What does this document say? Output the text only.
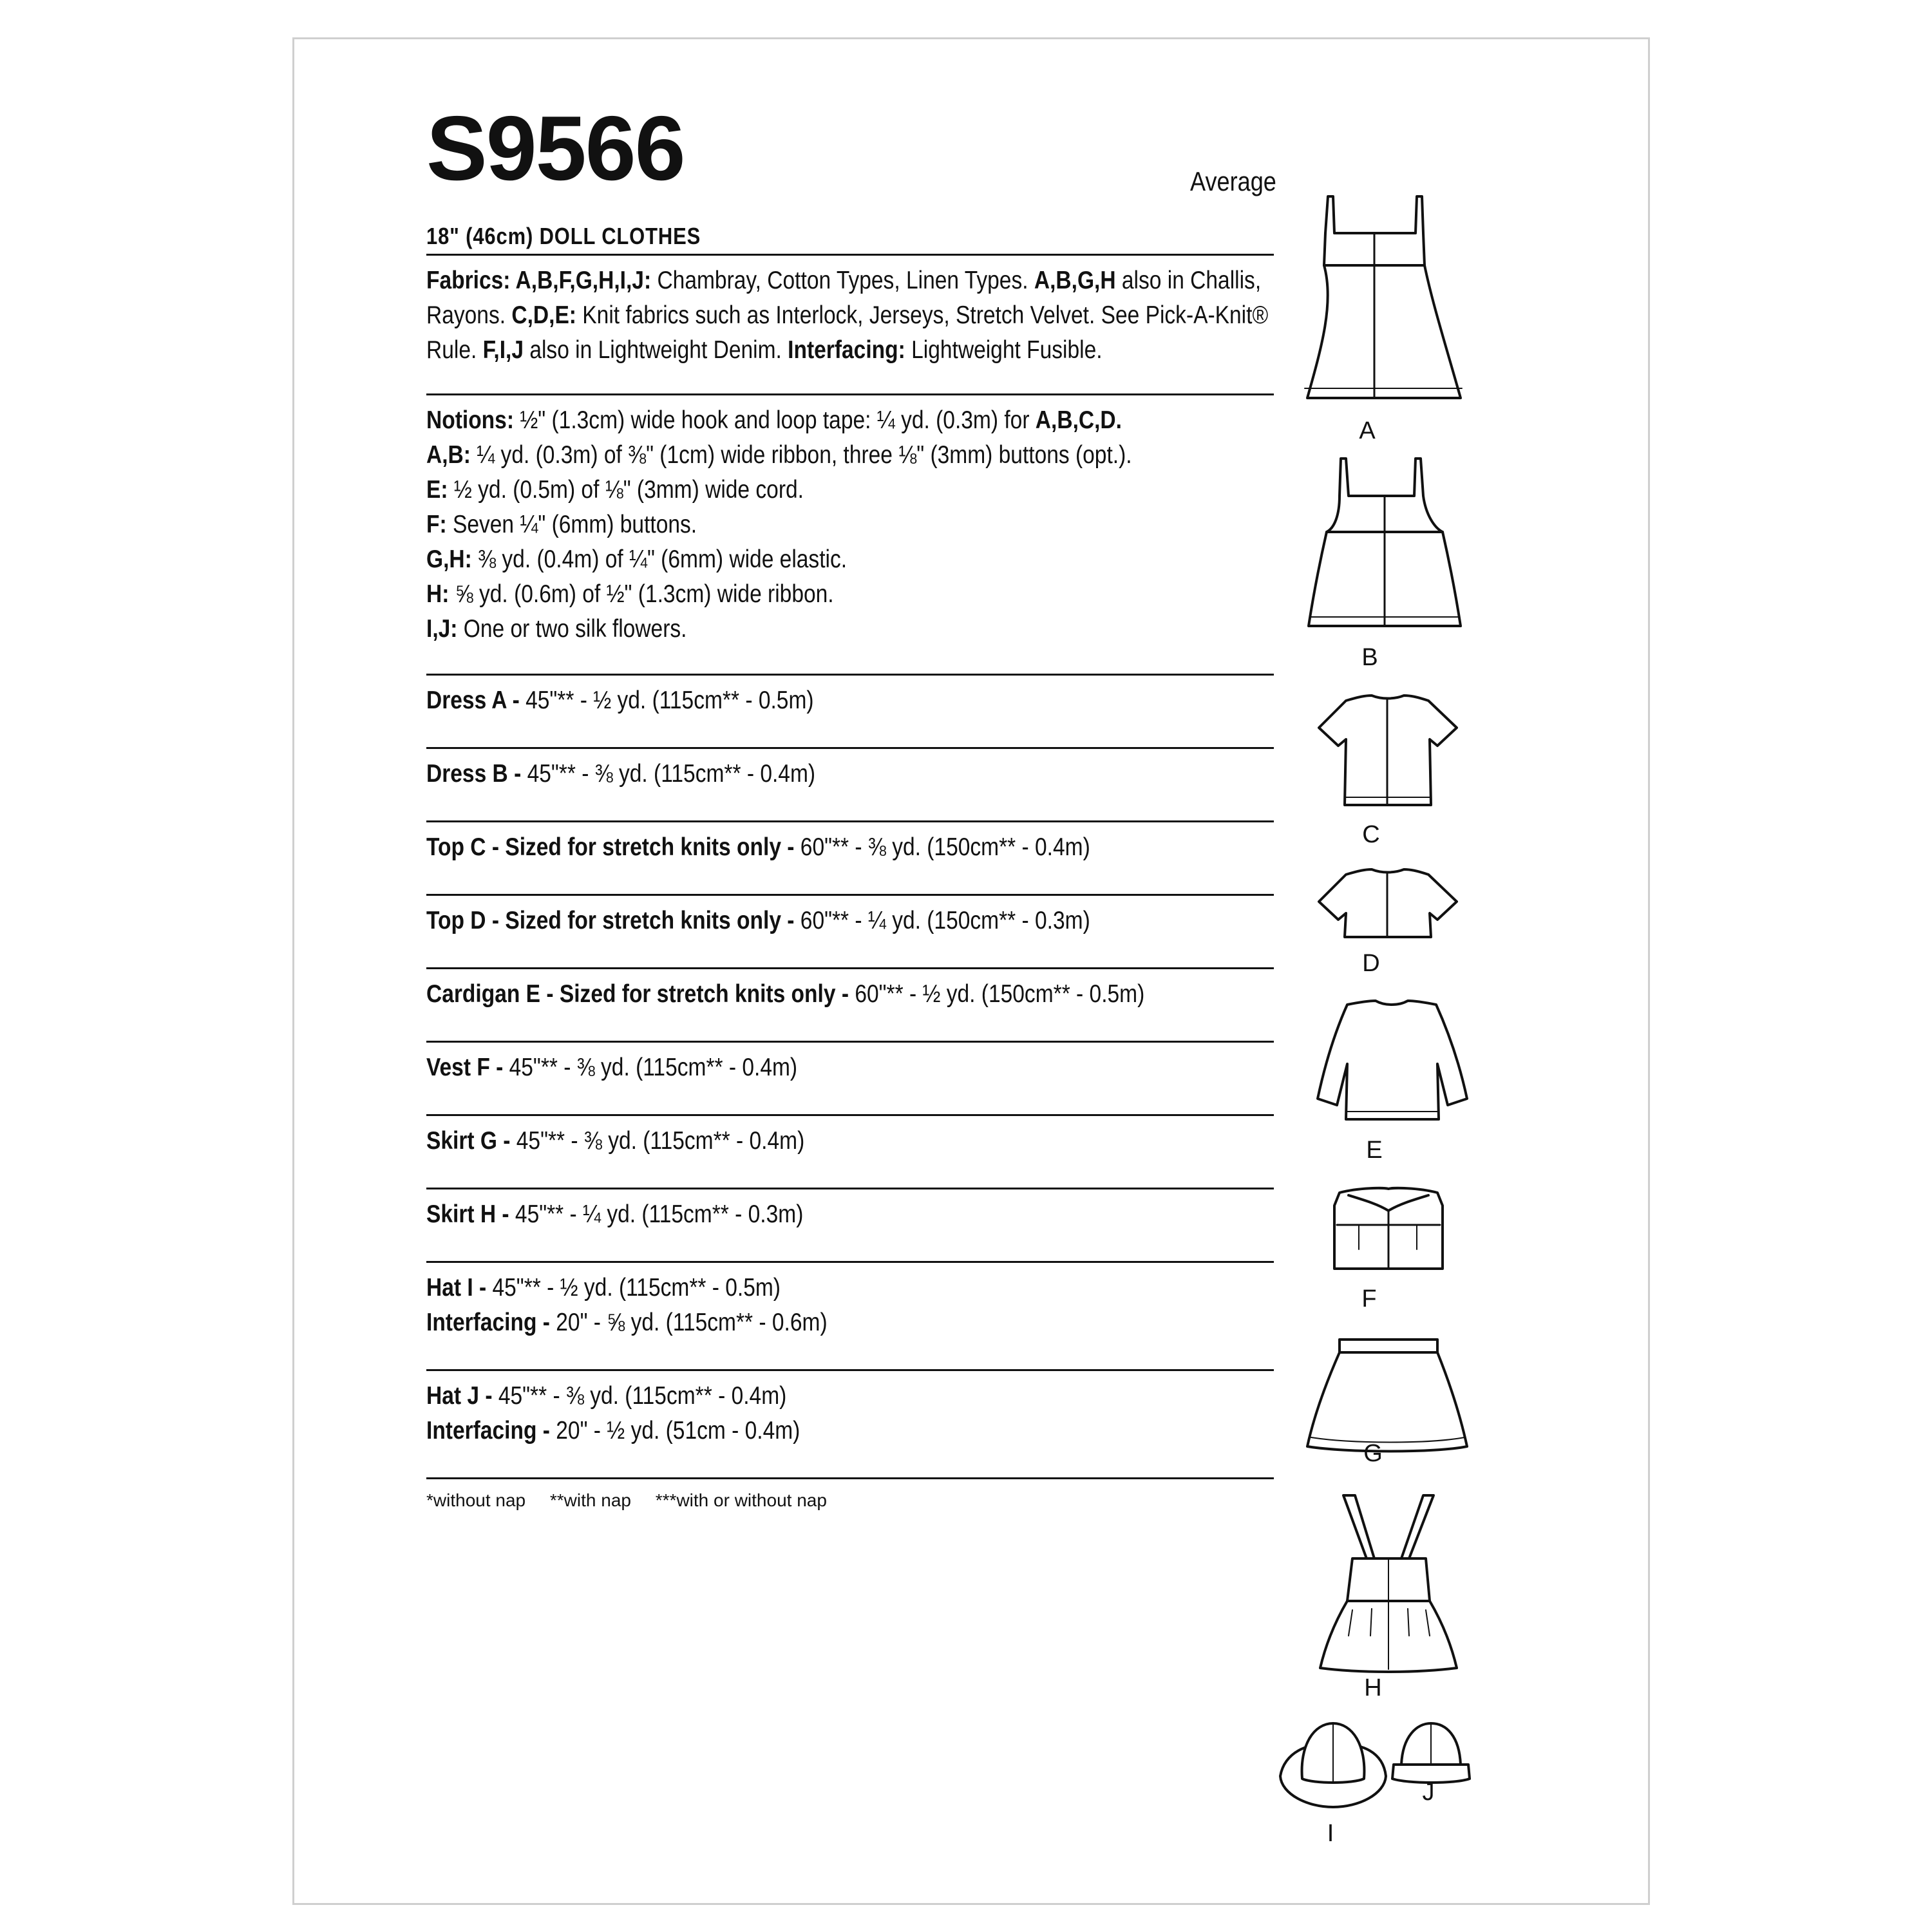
S9566	Average
18" (46cm) DOLL CLOTHES

Fabrics: A,B,F,G,H,I,J: Chambray, Cotton Types, Linen Types. A,B,G,H also in Challis,

Rayons. C,D,E: Knit fabrics such as Interlock, Jerseys, Stretch Velvet. See Pick-A-Knit®

Rule. F,I,J also in Lightweight Denim. Interfacing: Lightweight Fusible.

Notions: ½" (1.3cm) wide hook and loop tape: ¼ yd. (0.3m) for A,B,C,D.
A,B: ¼ yd. (0.3m) of ⅜" (1cm) wide ribbon, three ⅛" (3mm) buttons (opt.).
E: ½ yd. (0.5m) of ⅛" (3mm) wide cord.
F: Seven ¼" (6mm) buttons.
G,H: ⅜ yd. (0.4m) of ¼" (6mm) wide elastic.
H: ⅝ yd. (0.6m) of ½" (1.3cm) wide ribbon.
I,J: One or two silk flowers.
Dress A - 45"** - ½ yd. (115cm** - 0.5m)
Dress B - 45"** - ⅜ yd. (115cm** - 0.4m)
Top C - Sized for stretch knits only - 60"** - ⅜ yd. (150cm** - 0.4m)
Top D - Sized for stretch knits only - 60"** - ¼ yd. (150cm** - 0.3m)
Cardigan E - Sized for stretch knits only - 60"** - ½ yd. (150cm** - 0.5m)
Vest F - 45"** - ⅜ yd. (115cm** - 0.4m)
Skirt G - 45"** - ⅜ yd. (115cm** - 0.4m)
Skirt H - 45"** - ¼ yd. (115cm** - 0.3m)
Hat I - 45"** - ½ yd. (115cm** - 0.5m)
Interfacing - 20" - ⅝ yd. (115cm** - 0.6m)
Hat J - 45"** - ⅜ yd. (115cm** - 0.4m)
Interfacing - 20" - ½ yd. (51cm - 0.4m)
*without nap **with nap ***with or without nap
A
B
C
D
E
F
G
H
I
J
